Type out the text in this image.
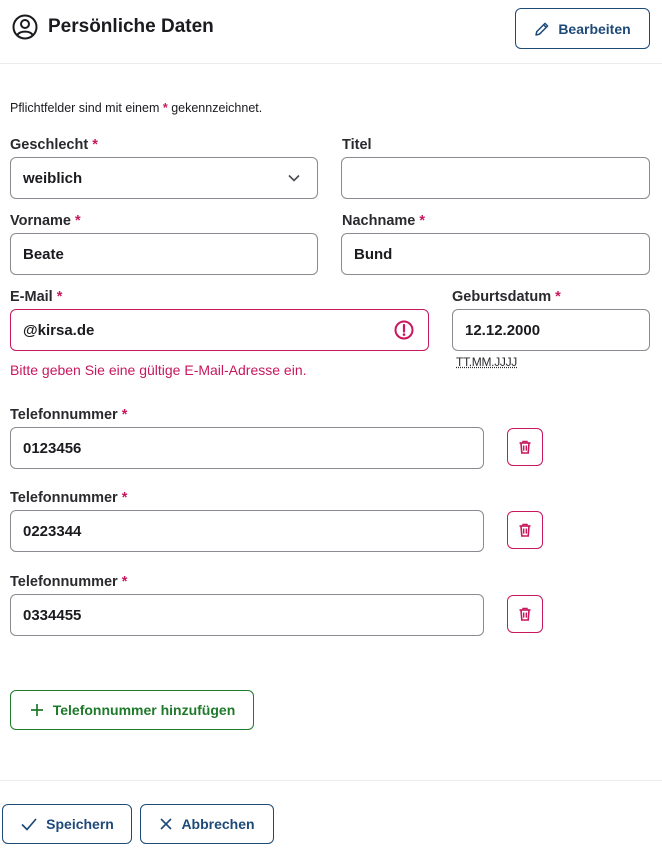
Persönliche Daten	Bearbeiten
Pflichtfelder sind mit einem * gekennzeichnet.
Geschlecht *
weiblich
Titel
Vorname *
Beate
Nachname *
Bund
E-Mail *
@kirsa.de
Bitte geben Sie eine gültige E-Mail-Adresse ein.
Geburtsdatum *
12.12.2000
TT.MM.JJJJ
Telefonnummer *
0123456
Telefonnummer *
0223344
Telefonnummer *
0334455
Telefonnummer hinzufügen
Speichern	Abbrechen
